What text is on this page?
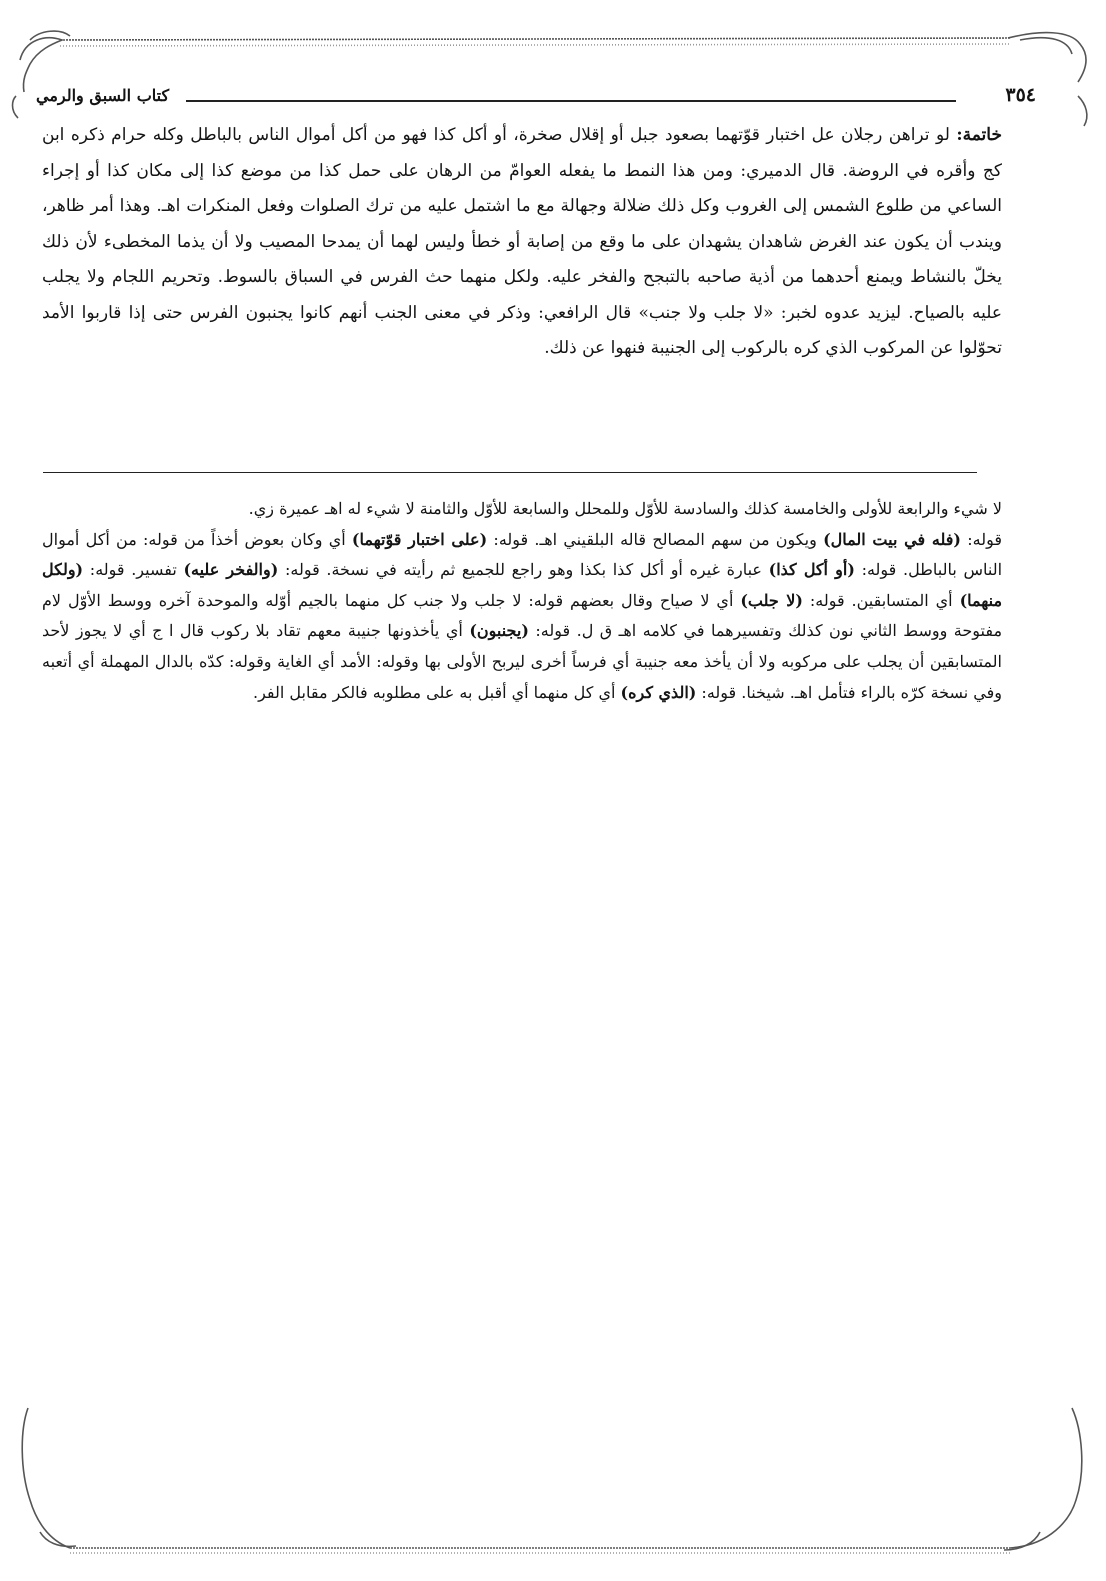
٣٥٤
كتاب السبق والرمي
خاتمة: لو تراهن رجلان عل اختبار قوّتهما بصعود جبل أو إقلال صخرة، أو أكل كذا فهو من أكل أموال الناس بالباطل وكله حرام ذكره ابن كج وأقره في الروضة. قال الدميري: ومن هذا النمط ما يفعله العوامّ من الرهان على حمل كذا من موضع كذا إلى مكان كذا أو إجراء الساعي من طلوع الشمس إلى الغروب وكل ذلك ضلالة وجهالة مع ما اشتمل عليه من ترك الصلوات وفعل المنكرات اهـ. وهذا أمر ظاهر، ويندب أن يكون عند الغرض شاهدان يشهدان على ما وقع من إصابة أو خطأ وليس لهما أن يمدحا المصيب ولا أن يذما المخطىء لأن ذلك يخلّ بالنشاط ويمنع أحدهما من أذية صاحبه بالتبجح والفخر عليه. ولكل منهما حث الفرس في السباق بالسوط. وتحريم اللجام ولا يجلب عليه بالصياح. ليزيد عدوه لخبر: «لا جلب ولا جنب» قال الرافعي: وذكر في معنى الجنب أنهم كانوا يجنبون الفرس حتى إذا قاربوا الأمد تحوّلوا عن المركوب الذي كره بالركوب إلى الجنيبة فنهوا عن ذلك.
لا شيء والرابعة للأولى والخامسة كذلك والسادسة للأوّل وللمحلل والسابعة للأوّل والثامنة لا شيء له اهـ عميرة زي.
قوله: (فله في بيت المال) ويكون من سهم المصالح قاله البلقيني اهـ. قوله: (على اختبار قوّتهما) أي وكان بعوض أخذاً من قوله: من أكل أموال الناس بالباطل. قوله: (أو أكل كذا) عبارة غيره أو أكل كذا بكذا وهو راجع للجميع ثم رأيته في نسخة. قوله: (والفخر عليه) تفسير. قوله: (ولكل منهما) أي المتسابقين. قوله: (لا جلب) أي لا صياح وقال بعضهم قوله: لا جلب ولا جنب كل منهما بالجيم أوّله والموحدة آخره ووسط الأوّل لام مفتوحة ووسط الثاني نون كذلك وتفسيرهما في كلامه اهـ ق ل. قوله: (يجنبون) أي يأخذونها جنيبة معهم تقاد بلا ركوب قال ا ج أي لا يجوز لأحد المتسابقين أن يجلب على مركوبه ولا أن يأخذ معه جنيبة أي فرساً أخرى ليربح الأولى بها وقوله: الأمد أي الغاية وقوله: كدّه بالدال المهملة أي أتعبه وفي نسخة كرّه بالراء فتأمل اهـ. شيخنا. قوله: (الذي كره) أي كل منهما أي أقبل به على مطلوبه فالكر مقابل الفر.
